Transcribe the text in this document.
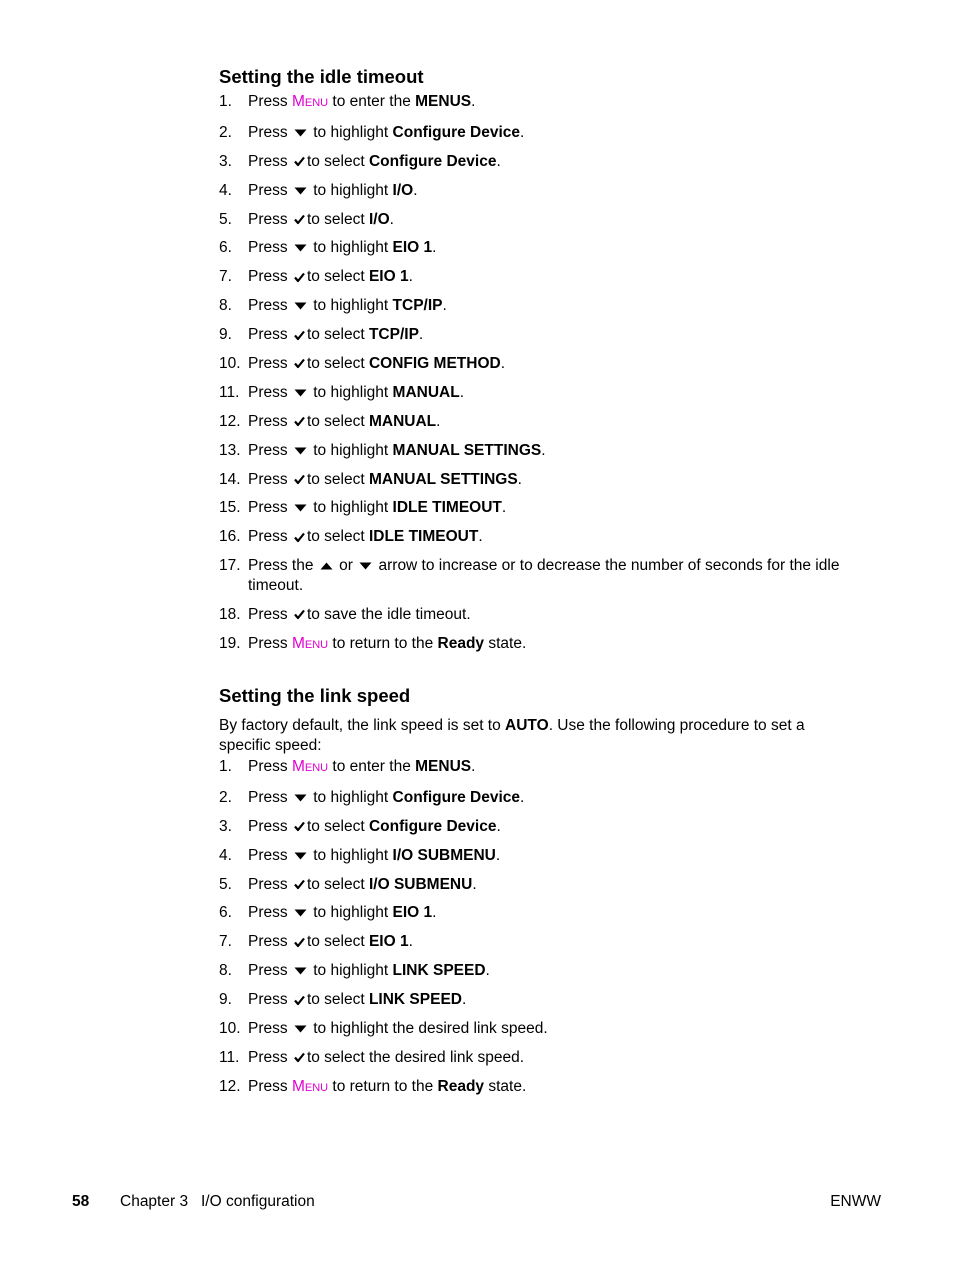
Setting the idle timeout
1. Press MENU to enter the MENUS.
2. Press
to highlight Configure Device.
3. Press
to select Configure Device.
4. Press
to highlight I/O.
5. Press
to select I/O.
6. Press
to highlight EIO 1.
7. Press
to select EIO 1.
8. Press
to highlight TCP/IP.
9. Press
to select TCP/IP.
10. Press
to select CONFIG METHOD.
11. Press
to highlight MANUAL.
12. Press
to select MANUAL.
13. Press
to highlight MANUAL SETTINGS.
14. Press
to select MANUAL SETTINGS.
15. Press
to highlight IDLE TIMEOUT.
16. Press
to select IDLE TIMEOUT.
17. Press the
or
arrow to increase or to decrease the number of seconds for the idle timeout.
18. Press
to save the idle timeout.
19. Press MENU to return to the Ready state.
Setting the link speed

By factory default, the link speed is set to AUTO. Use the following procedure to set a specific speed:

1. Press MENU to enter the MENUS.
2. Press
to highlight Configure Device.
3. Press
to select Configure Device.
4. Press
to highlight I/O SUBMENU.
5. Press
to select I/O SUBMENU.
6. Press
to highlight EIO 1.
7. Press
to select EIO 1.
8. Press
to highlight LINK SPEED.
9. Press
to select LINK SPEED.
10. Press
to highlight the desired link speed.
11. Press
to select the desired link speed.
12. Press MENU to return to the Ready state.
58 Chapter 3   I/O configuration	ENWW
